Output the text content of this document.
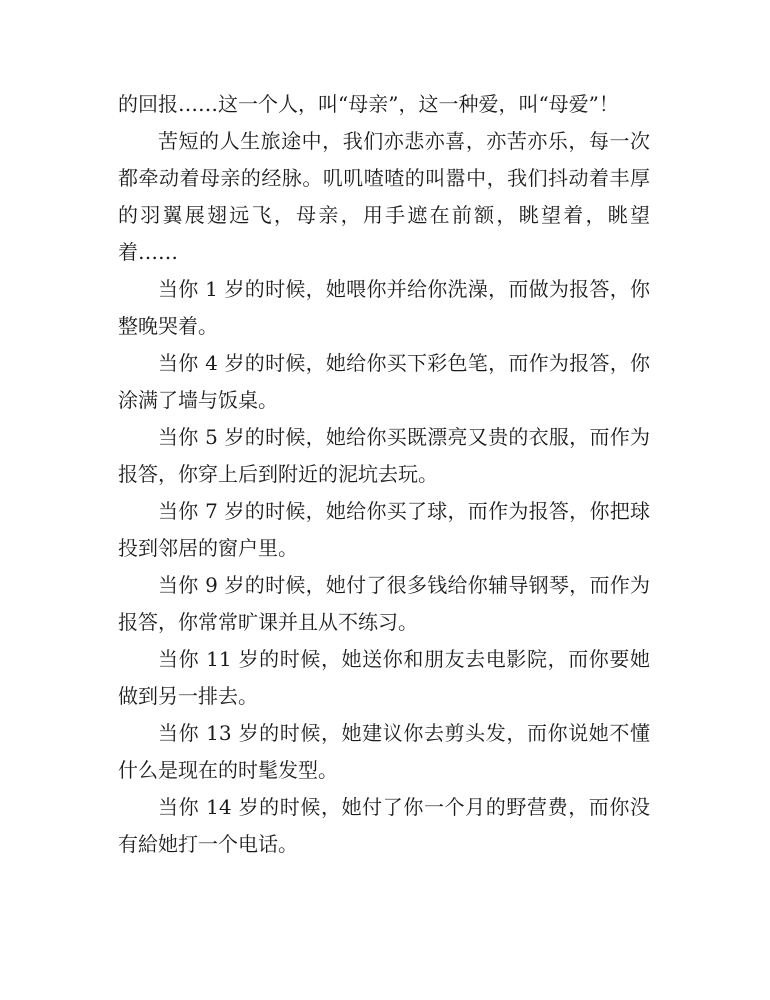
的回报……这一个人，叫“母亲”，这一种爱，叫“母爱”！

苦短的人生旅途中，我们亦悲亦喜，亦苦亦乐，每一次都牵动着母亲的经脉。叽叽喳喳的叫嚣中，我们抖动着丰厚的羽翼展翅远飞，母亲，用手遮在前额，眺望着，眺望着……

当你 1 岁的时候，她喂你并给你洗澡，而做为报答，你整晚哭着。

当你 4 岁的时候，她给你买下彩色笔，而作为报答，你涂满了墙与饭桌。

当你 5 岁的时候，她给你买既漂亮又贵的衣服，而作为报答，你穿上后到附近的泥坑去玩。

当你 7 岁的时候，她给你买了球，而作为报答，你把球投到邻居的窗户里。

当你 9 岁的时候，她付了很多钱给你辅导钢琴，而作为报答，你常常旷课并且从不练习。

当你 11 岁的时候，她送你和朋友去电影院，而你要她做到另一排去。

当你 13 岁的时候，她建议你去剪头发，而你说她不懂什么是现在的时髦发型。

当你 14 岁的时候，她付了你一个月的野营费，而你没有給她打一个电话。
